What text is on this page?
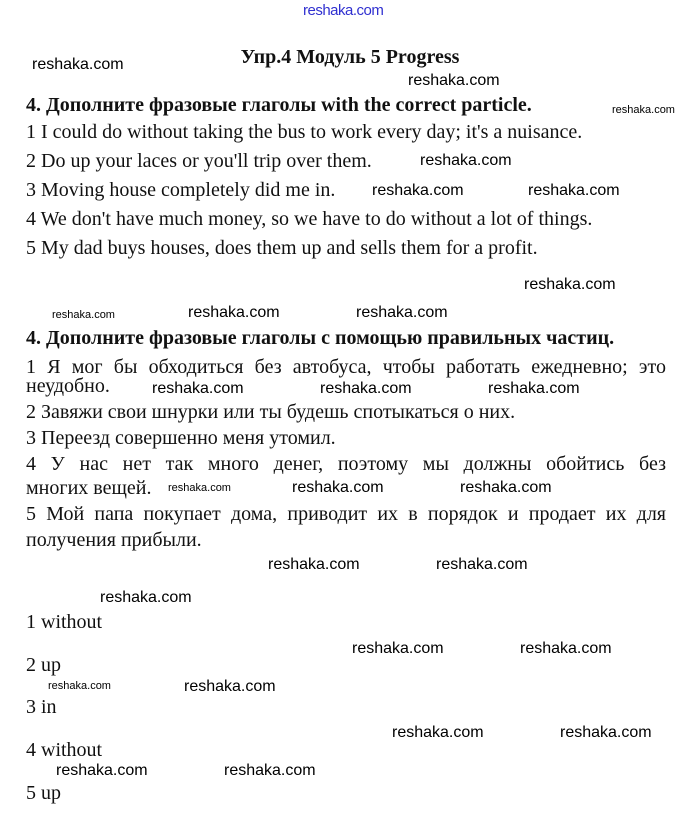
reshaka.com
Упр.4 Модуль 5 Progress
4. Дополните фразовые глаголы with the correct particle.
1 I could do without taking the bus to work every day; it's a nuisance.
2 Do up your laces or you'll trip over them.
3 Moving house completely did me in.
4 We don't have much money, so we have to do without a lot of things.
5 My dad buys houses, does them up and sells them for a profit.
4. Дополните фразовые глаголы с помощью правильных частиц.
1 Я мог бы обходиться без автобуса, чтобы работать ежедневно; это
неудобно.
2 Завяжи свои шнурки или ты будешь спотыкаться о них.
3 Переезд совершенно меня утомил.
4 У нас нет так много денег, поэтому мы должны обойтись без
многих вещей.
5 Мой папа покупает дома, приводит их в порядок и продает их для
получения прибыли.
1 without
2 up
3 in
4 without
5 up
reshaka.com
reshaka.com
reshaka.com
reshaka.com
reshaka.com	reshaka.com
reshaka.com
reshaka.com	reshaka.com	reshaka.com
reshaka.com	reshaka.com	reshaka.com
reshaka.com	reshaka.com	reshaka.com
reshaka.com	reshaka.com
reshaka.com
reshaka.com	reshaka.com
reshaka.com	reshaka.com
reshaka.com	reshaka.com
reshaka.com	reshaka.com
